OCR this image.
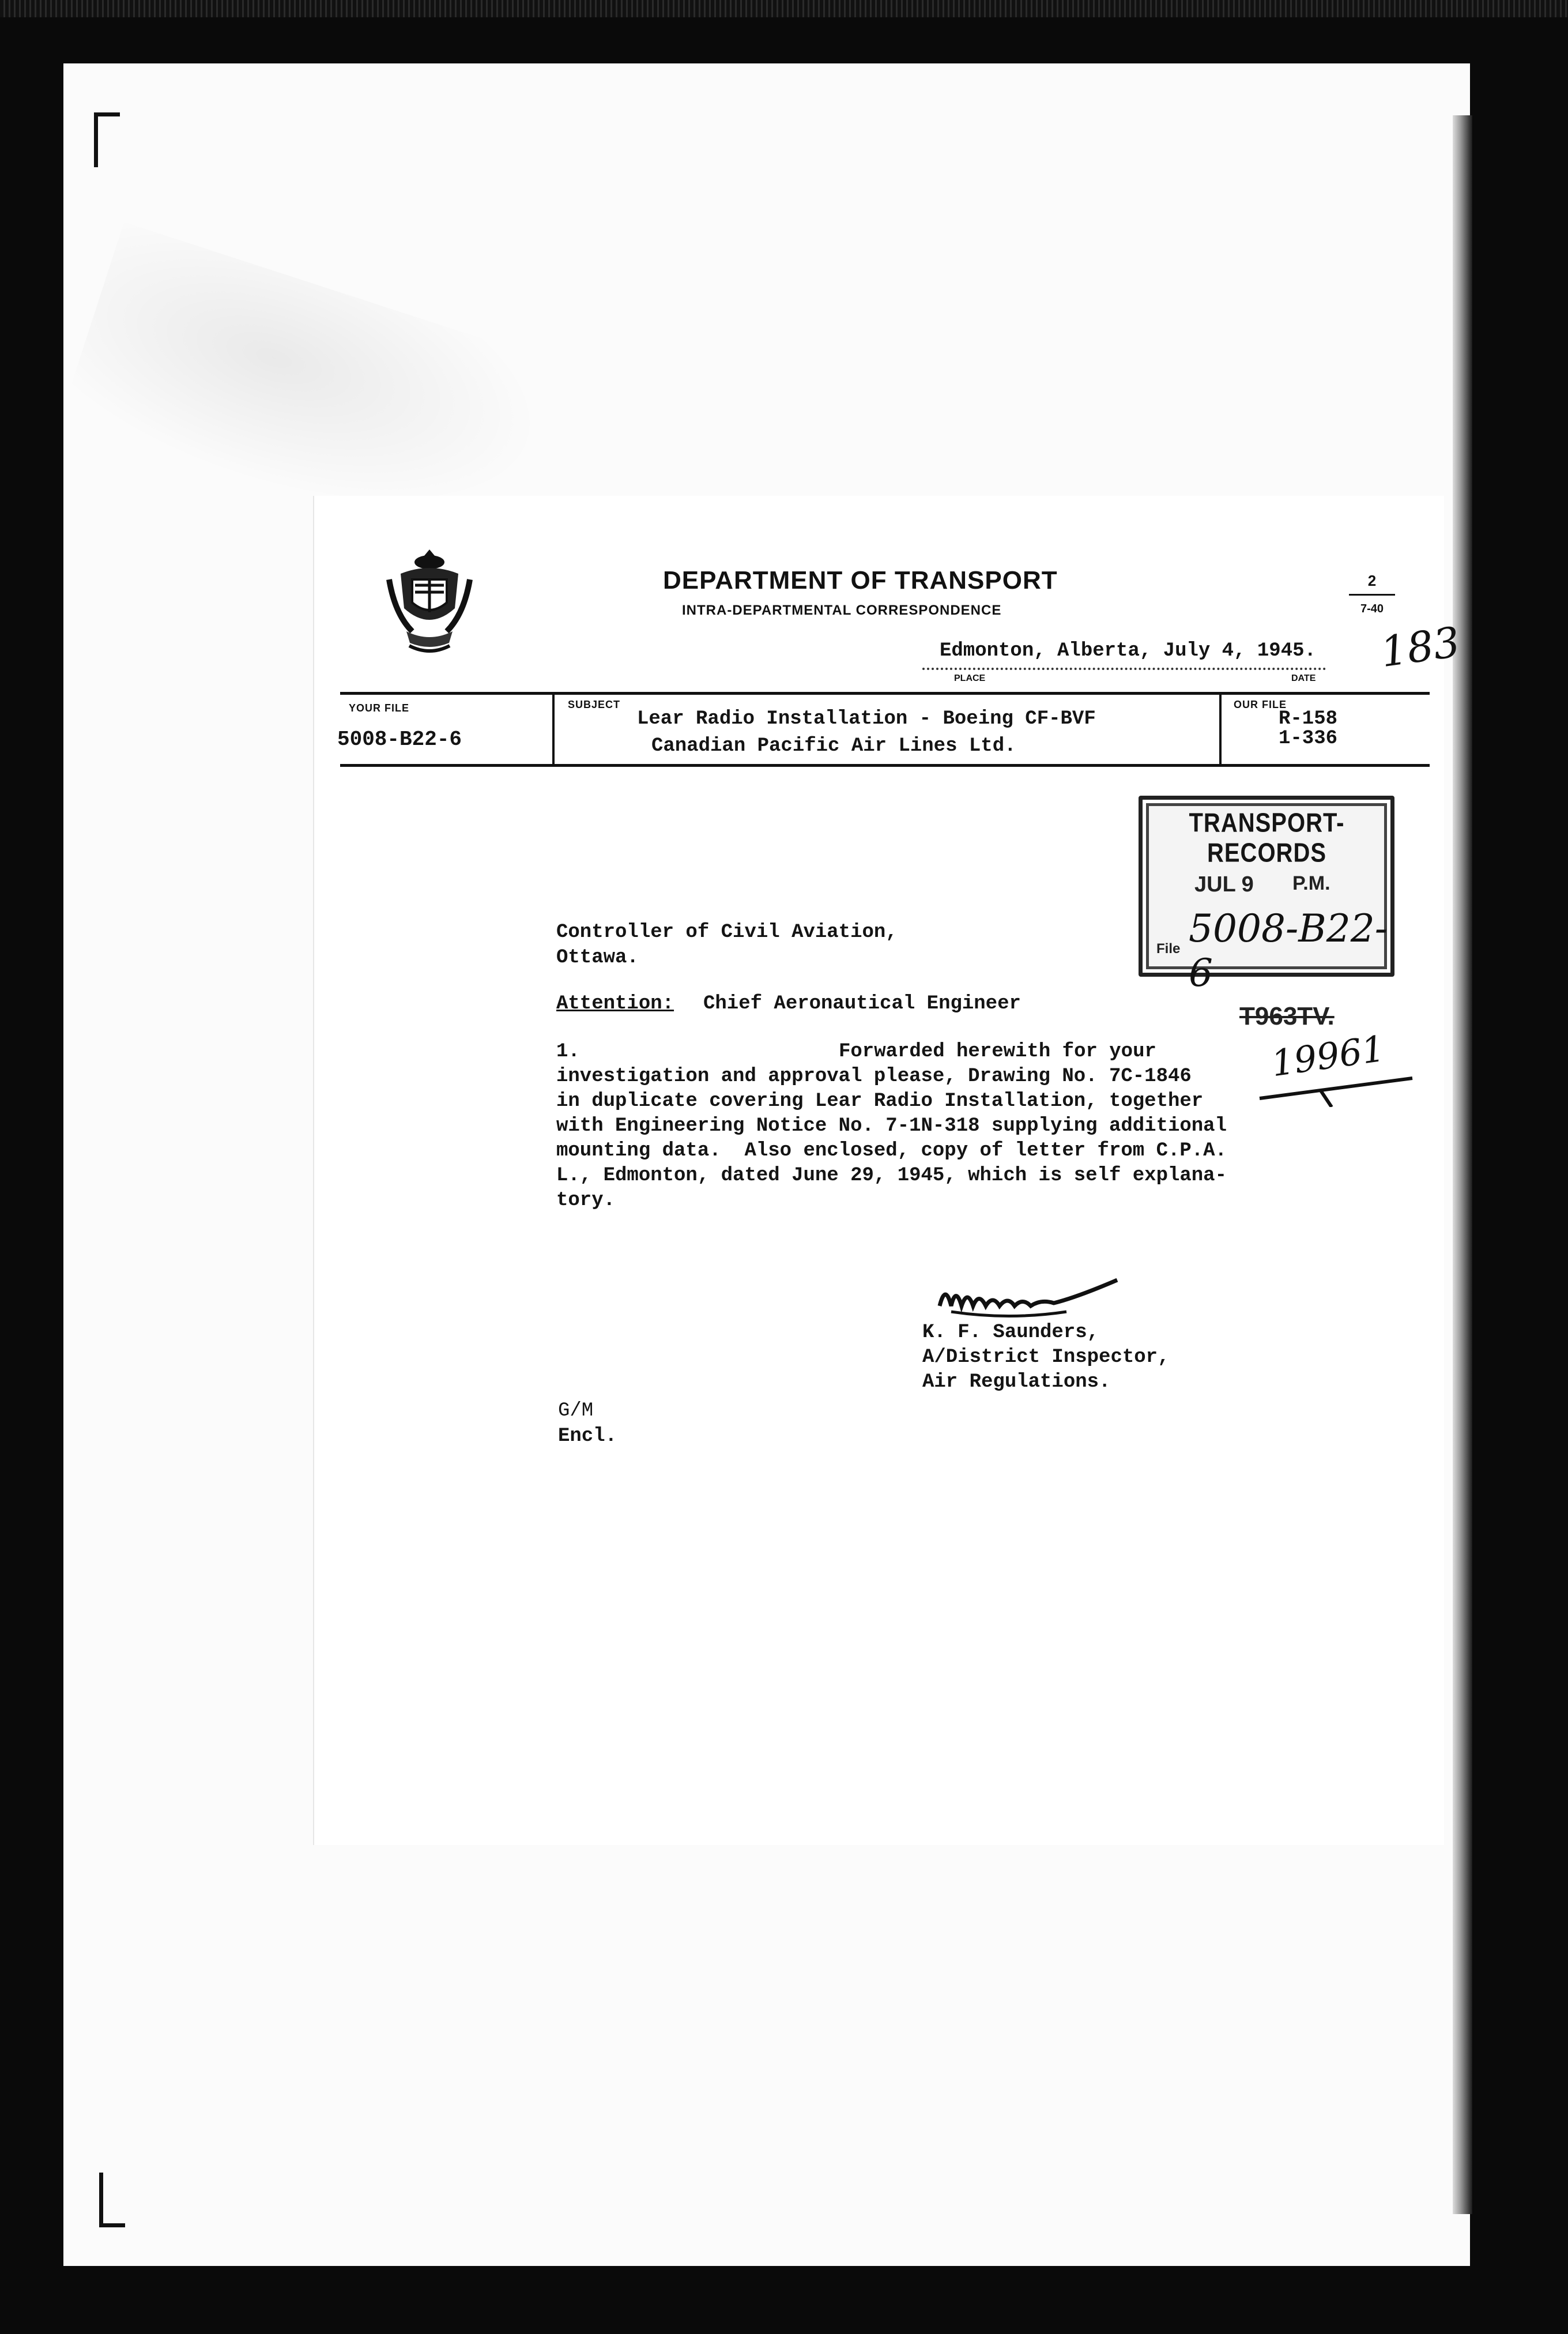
DEPARTMENT OF TRANSPORT
INTRA-DEPARTMENTAL CORRESPONDENCE
2
7-40
Edmonton, Alberta, July 4, 1945.
PLACE	DATE
183
YOUR FILE
5008-B22-6
SUBJECT
Lear Radio Installation - Boeing CF-BVF
Canadian Pacific Air Lines Ltd.
OUR FILE
R-158
1-336
TRANSPORT-RECORDS
JUL 9 P.M.
File 5008-B22-6
T963TV.
19961
Controller of Civil Aviation,
Ottawa.
Attention: Chief Aeronautical Engineer
1.	Forwarded herewith for your
investigation and approval please, Drawing No. 7C-1846
in duplicate covering Lear Radio Installation, together
with Engineering Notice No. 7-1N-318 supplying additional
mounting data.  Also enclosed, copy of letter from C.P.A.
L., Edmonton, dated June 29, 1945, which is self explana-
tory.
K. F. Saunders,
A/District Inspector,
Air Regulations.
G/M
Encl.
